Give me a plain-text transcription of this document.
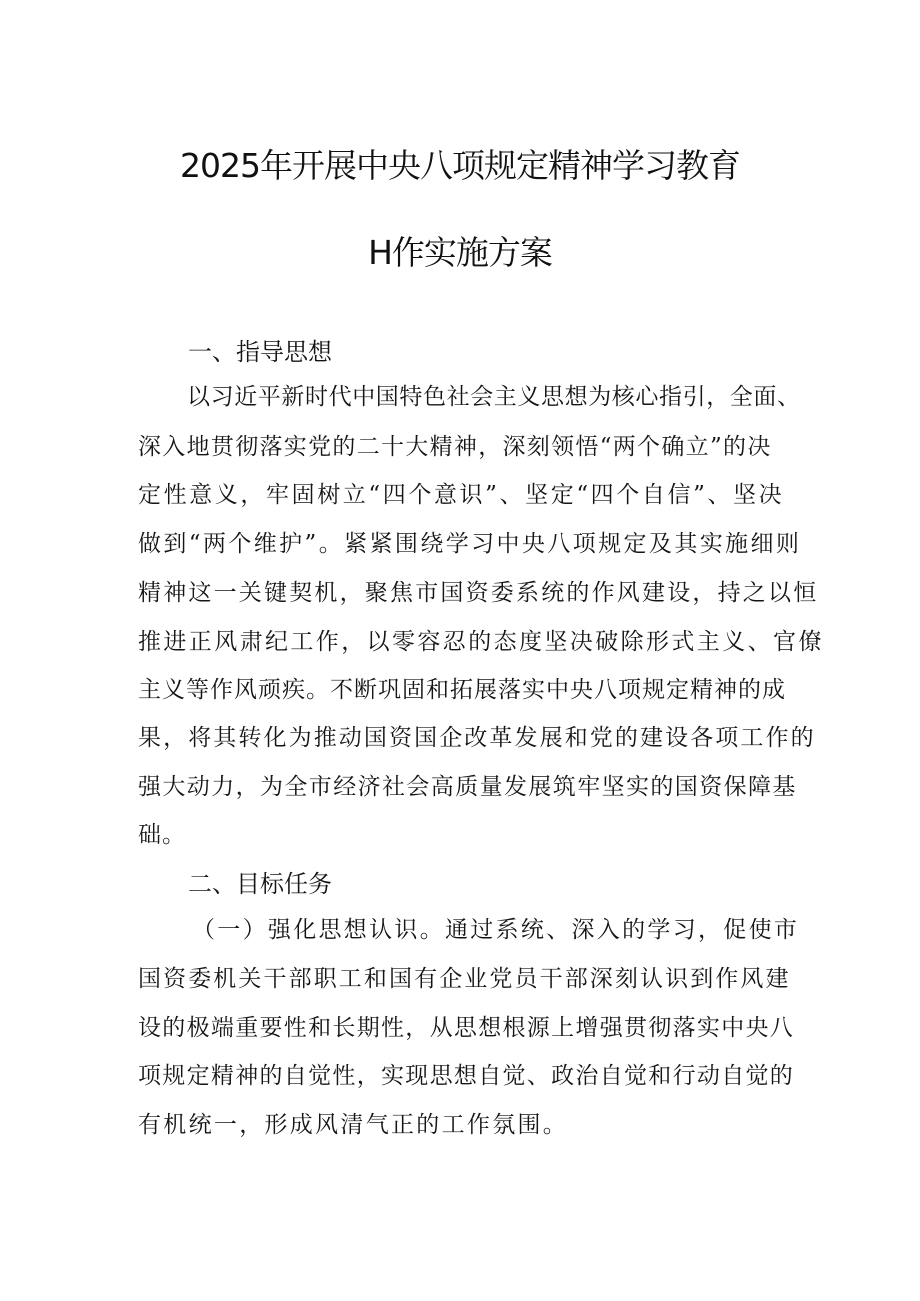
2025年开展中央八项规定精神学习教育
H作实施方案
一、指导思想
以习近平新时代中国特色社会主义思想为核心指引，全面、
深入地贯彻落实党的二十大精神，深刻领悟“两个确立”的决
定性意义，牢固树立“四个意识”、坚定“四个自信”、坚决
做到“两个维护”。紧紧围绕学习中央八项规定及其实施细则
精神这一关键契机，聚焦市国资委系统的作风建设，持之以恒
推进正风肃纪工作，以零容忍的态度坚决破除形式主义、官僚
主义等作风顽疾。不断巩固和拓展落实中央八项规定精神的成
果，将其转化为推动国资国企改革发展和党的建设各项工作的
强大动力，为全市经济社会高质量发展筑牢坚实的国资保障基
础。
二、目标任务
（一）强化思想认识。通过系统、深入的学习，促使市
国资委机关干部职工和国有企业党员干部深刻认识到作风建
设的极端重要性和长期性，从思想根源上增强贯彻落实中央八
项规定精神的自觉性，实现思想自觉、政治自觉和行动自觉的
有机统一，形成风清气正的工作氛围。
